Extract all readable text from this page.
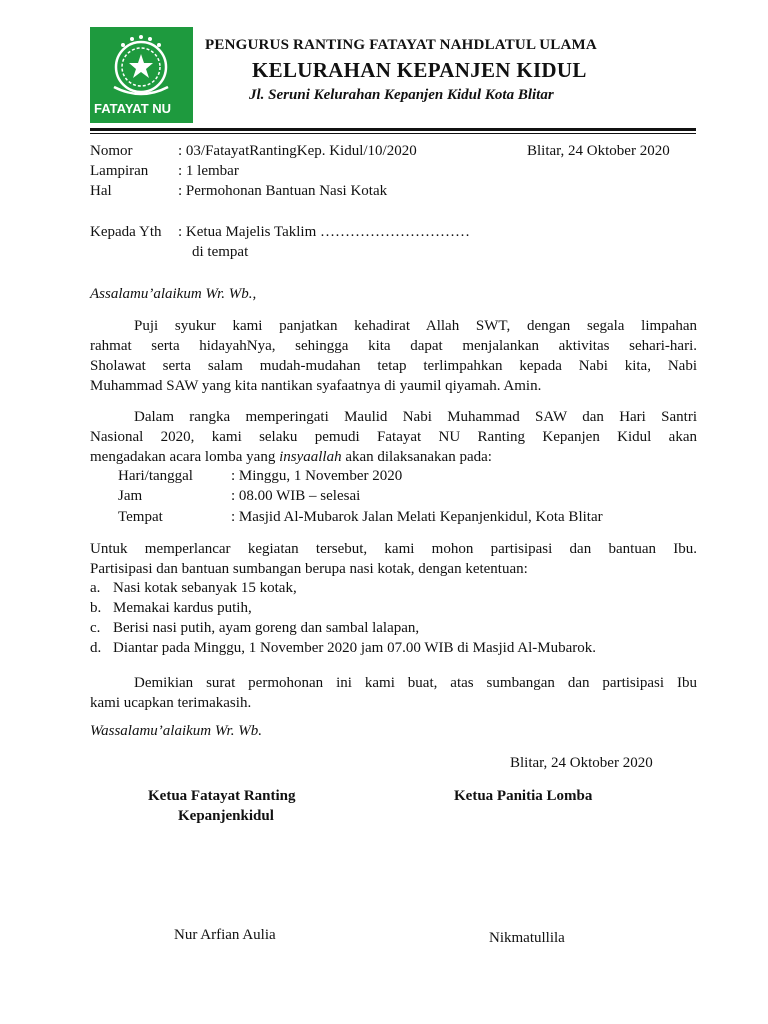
FATAYAT NU
PENGURUS RANTING FATAYAT NAHDLATUL ULAMA
KELURAHAN KEPANJEN KIDUL
Jl. Seruni Kelurahan Kepanjen Kidul Kota Blitar
Nomor	: 03/FatayatRantingKep. Kidul/10/2020	Blitar, 24 Oktober 2020
Lampiran : 1 lembar
Hal	: Permohonan Bantuan Nasi Kotak
Kepada Yth : Ketua Majelis Taklim …………………………
di tempat
Assalamu’alaikum Wr. Wb.,
Puji syukur kami panjatkan kehadirat Allah SWT, dengan segala limpahan
rahmat serta hidayahNya, sehingga kita dapat menjalankan aktivitas sehari-hari.
Sholawat serta salam mudah-mudahan tetap terlimpahkan kepada Nabi kita, Nabi
Muhammad SAW yang kita nantikan syafaatnya di yaumil qiyamah. Amin.
Dalam rangka memperingati Maulid Nabi Muhammad SAW dan Hari Santri
Nasional 2020, kami selaku pemudi Fatayat NU Ranting Kepanjen Kidul akan
mengadakan acara lomba yang insyaallah akan dilaksanakan pada:
Hari/tanggal	: Minggu, 1 November 2020
Jam	: 08.00 WIB – selesai
Tempat	: Masjid Al-Mubarok Jalan Melati Kepanjenkidul, Kota Blitar
Untuk memperlancar kegiatan tersebut, kami mohon partisipasi dan bantuan Ibu.
Partisipasi dan bantuan sumbangan berupa nasi kotak, dengan ketentuan:
a. Nasi kotak sebanyak 15 kotak,
b. Memakai kardus putih,
c. Berisi nasi putih, ayam goreng dan sambal lalapan,
d. Diantar pada Minggu, 1 November 2020 jam 07.00 WIB di Masjid Al-Mubarok.
Demikian surat permohonan ini kami buat, atas sumbangan dan partisipasi Ibu
kami ucapkan terimakasih.
Wassalamu’alaikum Wr. Wb.
Blitar, 24 Oktober 2020
Ketua Fatayat Ranting
Kepanjenkidul
Ketua Panitia Lomba
Nur Arfian Aulia	Nikmatullila
